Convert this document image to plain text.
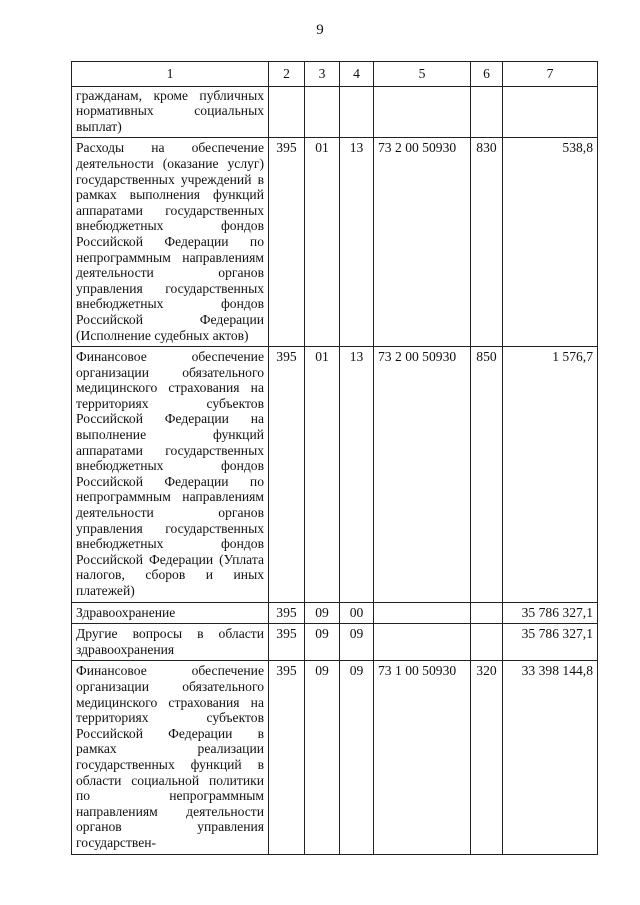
9
1	2	3	4	5	6	7
гражданам, кроме публичных нормативных социальных выплат)						
Расходы на обеспечение деятельности (оказание услуг) государственных учреждений в рамках выполнения функций аппаратами государственных внебюджетных фондов Российской Федерации по непрограммным направлениям деятельности органов управления государственных внебюджетных фондов Российской Федерации (Исполнение судебных актов)	395	01	13	73 2 00 50930	830	538,8
Финансовое обеспечение организации обязательного медицинского страхования на территориях субъектов Российской Федерации на выполнение функций аппаратами государственных внебюджетных фондов Российской Федерации по непрограммным направлениям деятельности органов управления государственных внебюджетных фондов Российской Федерации (Уплата налогов, сборов и иных платежей)	395	01	13	73 2 00 50930	850	1 576,7
Здравоохранение	395	09	00			35 786 327,1
Другие вопросы в области здравоохранения	395	09	09			35 786 327,1
Финансовое обеспечение организации обязательного медицинского страхования на территориях субъектов Российской Федерации в рамках реализации государственных функций в области социальной политики по непрограммным направлениям деятельности органов управления государствен-	395	09	09	73 1 00 50930	320	33 398 144,8
